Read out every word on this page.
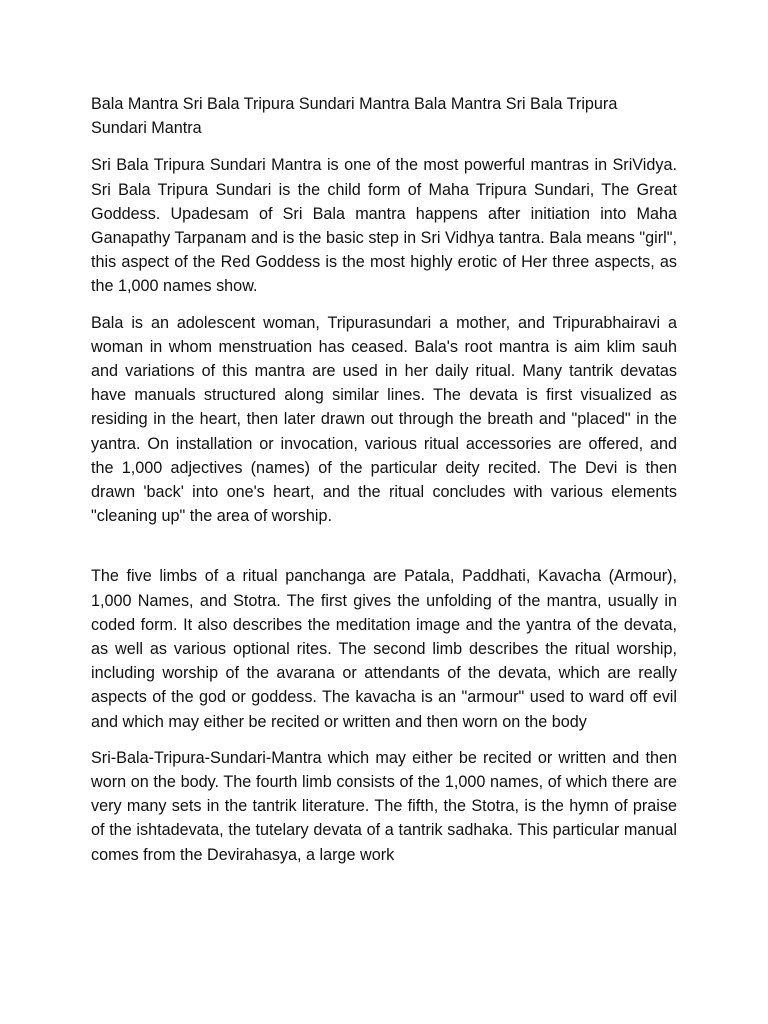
Bala Mantra Sri Bala Tripura Sundari Mantra Bala Mantra Sri Bala Tripura Sundari Mantra

Sri Bala Tripura Sundari Mantra is one of the most powerful mantras in SriVidya. Sri Bala Tripura Sundari is the child form of Maha Tripura Sundari, The Great Goddess. Upadesam of Sri Bala mantra happens after initiation into Maha Ganapathy Tarpanam and is the basic step in Sri Vidhya tantra. Bala means "girl", this aspect of the Red Goddess is the most highly erotic of Her three aspects, as the 1,000 names show.

Bala is an adolescent woman, Tripurasundari a mother, and Tripurabhairavi a woman in whom menstruation has ceased. Bala's root mantra is aim klim sauh and variations of this mantra are used in her daily ritual. Many tantrik devatas have manuals structured along similar lines. The devata is first visualized as residing in the heart, then later drawn out through the breath and "placed" in the yantra. On installation or invocation, various ritual accessories are offered, and the 1,000 adjectives (names) of the particular deity recited. The Devi is then drawn 'back' into one's heart, and the ritual concludes with various elements "cleaning up" the area of worship.

The five limbs of a ritual panchanga are Patala, Paddhati, Kavacha (Armour), 1,000 Names, and Stotra. The first gives the unfolding of the mantra, usually in coded form. It also describes the meditation image and the yantra of the devata, as well as various optional rites. The second limb describes the ritual worship, including worship of the avarana or attendants of the devata, which are really aspects of the god or goddess. The kavacha is an "armour" used to ward off evil and which may either be recited or written and then worn on the body

Sri-Bala-Tripura-Sundari-Mantra which may either be recited or written and then worn on the body. The fourth limb consists of the 1,000 names, of which there are very many sets in the tantrik literature. The fifth, the Stotra, is the hymn of praise of the ishtadevata, the tutelary devata of a tantrik sadhaka. This particular manual comes from the Devirahasya, a large work
